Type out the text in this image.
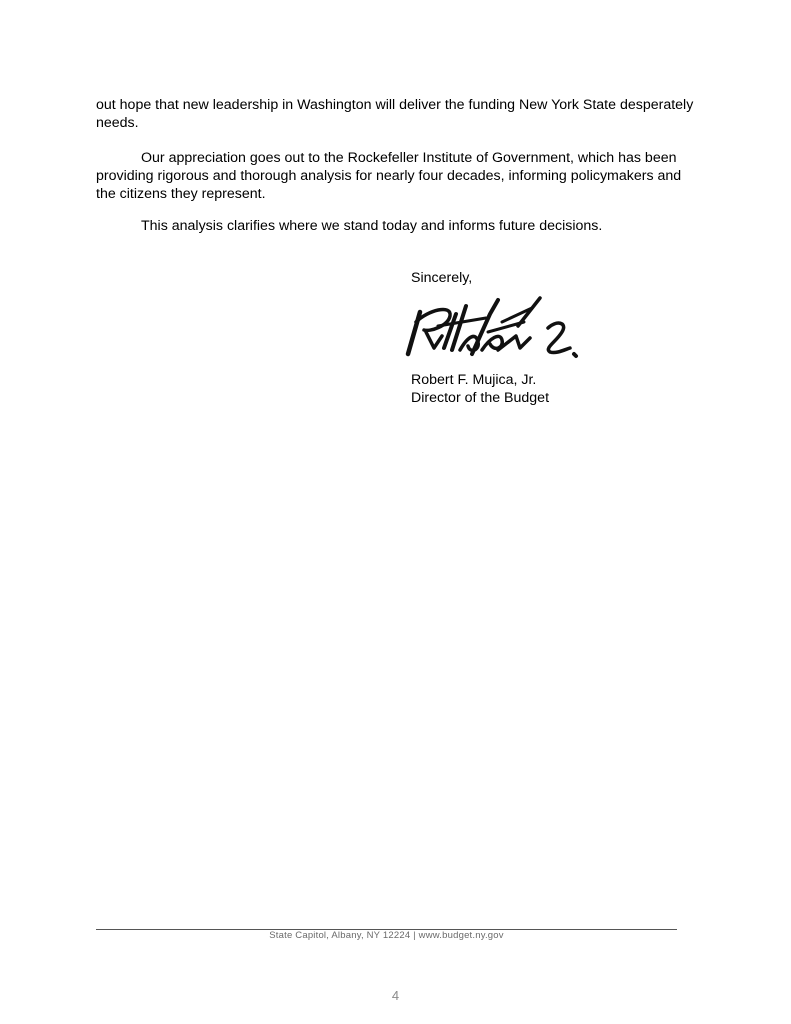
out hope that new leadership in Washington will deliver the funding New York State desperately needs.

Our appreciation goes out to the Rockefeller Institute of Government, which has been providing rigorous and thorough analysis for nearly four decades, informing policymakers and the citizens they represent.

This analysis clarifies where we stand today and informs future decisions.

Sincerely,

Robert F. Mujica, Jr.

Director of the Budget

State Capitol, Albany, NY 12224 | www.budget.ny.gov

4
